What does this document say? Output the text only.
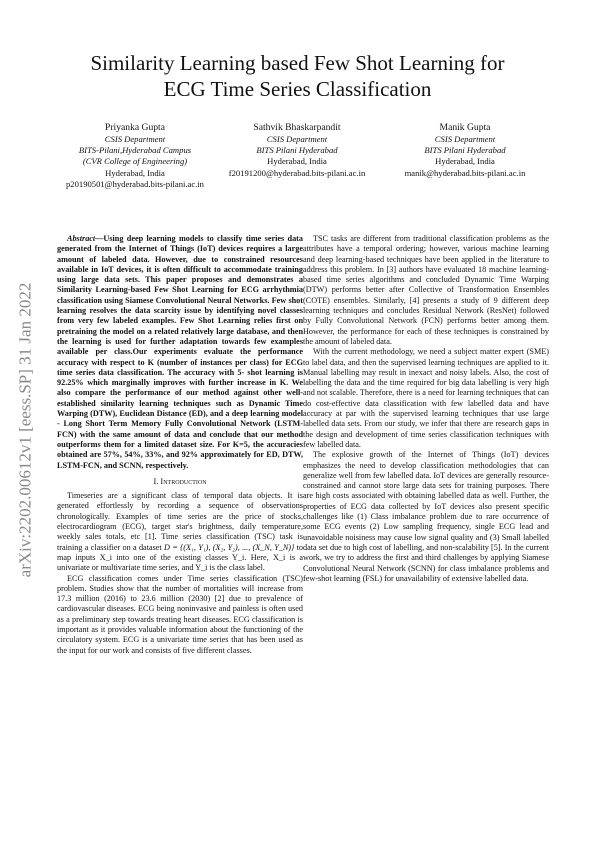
Similarity Learning based Few Shot Learning for
ECG Time Series Classification
Priyanka Gupta
CSIS Department
BITS-Pilani,Hyderabad Campus
(CVR College of Engineering)
Hyderabad, India
p20190501@hyderabad.bits-pilani.ac.in
Sathvik Bhaskarpandit
CSIS Department
BITS Pilani Hyderabad
Hyderabad, India
f20191200@hyderabad.bits-pilani.ac.in
Manik Gupta
CSIS Department
BITS Pilani Hyderabad
Hyderabad, India
manik@hyderabad.bits-pilani.ac.in
arXiv:2202.00612v1 [eess.SP] 31 Jan 2022

Abstract—Using deep learning models to classify time series data generated from the Internet of Things (IoT) devices requires a large amount of labeled data. However, due to constrained resources available in IoT devices, it is often difficult to accommodate training using large data sets. This paper proposes and demonstrates a Similarity Learning-based Few Shot Learning for ECG arrhythmia classification using Siamese Convolutional Neural Networks. Few shot learning resolves the data scarcity issue by identifying novel classes from very few labeled examples. Few Shot Learning relies first on pretraining the model on a related relatively large database, and then the learning is used for further adaptation towards few examples available per class.Our experiments evaluate the performance accuracy with respect to K (number of instances per class) for ECG time series data classification. The accuracy with 5- shot learning is 92.25% which marginally improves with further increase in K. We also compare the performance of our method against other well-established similarity learning techniques such as Dynamic Time Warping (DTW), Euclidean Distance (ED), and a deep learning model - Long Short Term Memory Fully Convolutional Network (LSTM-FCN) with the same amount of data and conclude that our method outperforms them for a limited dataset size. For K=5, the accuracies obtained are 57%, 54%, 33%, and 92% approximately for ED, DTW, LSTM-FCN, and SCNN, respectively.

I. Introduction

Timeseries are a significant class of temporal data objects. It is generated effortlessly by recording a sequence of observations chronologically. Examples of time series are the price of stocks, electrocardiogram (ECG), target star's brightness, daily temperature, weekly sales totals, etc [1]. Time series classification (TSC) task is training a classifier on a dataset D = {(X₁, Y₁), (X₂, Y₂), ..., (X_N, Y_N)} to map inputs X_i into one of the existing classes Y_i. Here, X_i is a univariate or multivariate time series, and Y_i is the class label.

ECG classification comes under Time series classification (TSC) problem. Studies show that the number of mortalities will increase from 17.3 million (2016) to 23.6 million (2030) [2] due to prevalence of cardiovascular diseases. ECG being noninvasive and painless is often used as a preliminary step towards treating heart diseases. ECG classification is important as it provides valuable information about the functioning of the circulatory system. ECG is a univariate time series that has been used as the input for our work and consists of five different classes.

TSC tasks are different from traditional classification problems as the attributes have a temporal ordering; however, various machine learning and deep learning-based techniques have been applied in the literature to address this problem. In [3] authors have evaluated 18 machine learning-based time series algorithms and concluded Dynamic Time Warping (DTW) performs better after Collective of Transformation Ensembles (COTE) ensembles. Similarly, [4] presents a study of 9 different deep learning techniques and concludes Residual Network (ResNet) followed by Fully Convolutional Network (FCN) performs better among them. However, the performance for each of these techniques is constrained by the amount of labeled data.

With the current methodology, we need a subject matter expert (SME) to label data, and then the supervised learning techniques are applied to it. Manual labelling may result in inexact and noisy labels. Also, the cost of labelling the data and the time required for big data labelling is very high and not scalable. Therefore, there is a need for learning techniques that can do cost-effective data classification with few labelled data and have accuracy at par with the supervised learning techniques that use large labelled data sets. From our study, we infer that there are research gaps in the design and development of time series classification techniques with few labelled data.

The explosive growth of the Internet of Things (IoT) devices emphasizes the need to develop classification methodologies that can generalize well from few labelled data. IoT devices are generally resource-constrained and cannot store large data sets for training purposes. There are high costs associated with obtaining labelled data as well. Further, the properties of ECG data collected by IoT devices also present specific challenges like (1) Class imbalance problem due to rare occurrence of some ECG events (2) Low sampling frequency, single ECG lead and unavoidable noisiness may cause low signal quality and (3) Small labelled data set due to high cost of labelling, and non-scalability [5]. In the current work, we try to address the first and third challenges by applying Siamese Convolutional Neural Network (SCNN) for class imbalance problems and few-shot learning (FSL) for unavailability of extensive labelled data.
